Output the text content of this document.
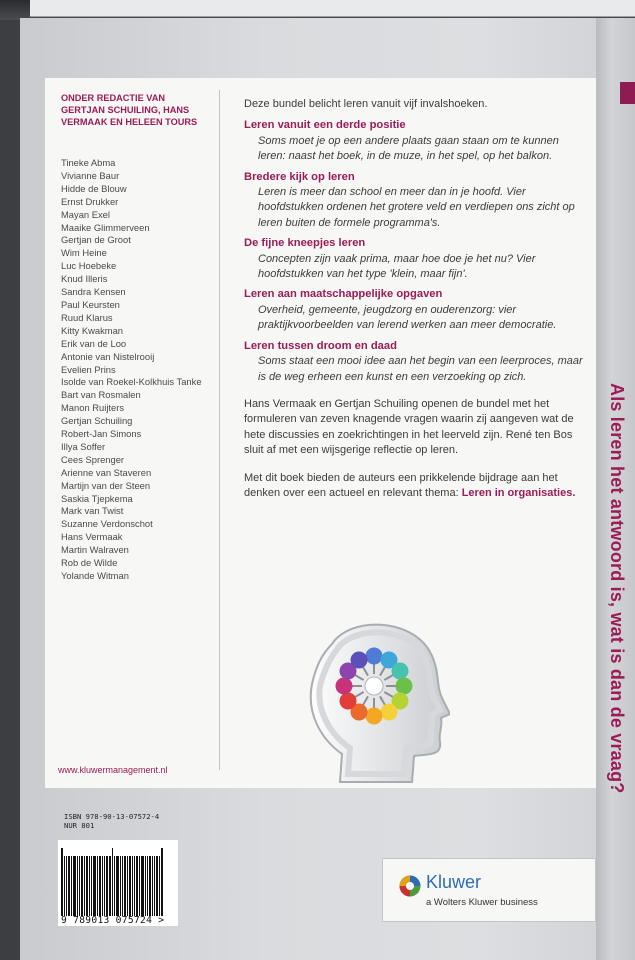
Als leren het antwoord is, wat is dan de vraag?
ONDER REDACTIE VAN GERTJAN SCHUILING, HANS VERMAAK EN HELEEN TOURS
Tineke Abma
Vivianne Baur
Hidde de Blouw
Ernst Drukker
Mayan Exel
Maaike Glimmerveen
Gertjan de Groot
Wim Heine
Luc Hoebeke
Knud Illeris
Sandra Kensen
Paul Keursten
Ruud Klarus
Kitty Kwakman
Erik van de Loo
Antonie van Nistelrooij
Evelien Prins
Isolde van Roekel-Kolkhuis Tanke
Bart van Rosmalen
Manon Ruijters
Gertjan Schuiling
Robert-Jan Simons
Illya Soffer
Cees Sprenger
Arienne van Staveren
Martijn van der Steen
Saskia Tjepkema
Mark van Twist
Suzanne Verdonschot
Hans Vermaak
Martin Walraven
Rob de Wilde
Yolande Witman
www.kluwermanagement.nl

Deze bundel belicht leren vanuit vijf invalshoeken.

Leren vanuit een derde positie

Soms moet je op een andere plaats gaan staan om te kunnen leren: naast het boek, in de muze, in het spel, op het balkon.

Bredere kijk op leren

Leren is meer dan school en meer dan in je hoofd. Vier hoofdstukken ordenen het grotere veld en verdiepen ons zicht op leren buiten de formele programma's.

De fijne kneepjes leren

Concepten zijn vaak prima, maar hoe doe je het nu? Vier hoofdstukken van het type 'klein, maar fijn'.

Leren aan maatschappelijke opgaven

Overheid, gemeente, jeugdzorg en ouderenzorg: vier praktijkvoorbeelden van lerend werken aan meer democratie.

Leren tussen droom en daad

Soms staat een mooi idee aan het begin van een leerproces, maar is de weg erheen een kunst en een verzoeking op zich.

Hans Vermaak en Gertjan Schuiling openen de bundel met het formuleren van zeven knagende vragen waarin zij aangeven wat de hete discussies en zoekrichtingen in het leerveld zijn. René ten Bos sluit af met een wijsgerige reflectie op leren.

Met dit boek bieden de auteurs een prikkelende bijdrage aan het denken over een actueel en relevant thema: Leren in organisaties.

ISBN 978-90-13-07572-4
NUR 801
9 789013 075724 >
Kluwer
a Wolters Kluwer business
